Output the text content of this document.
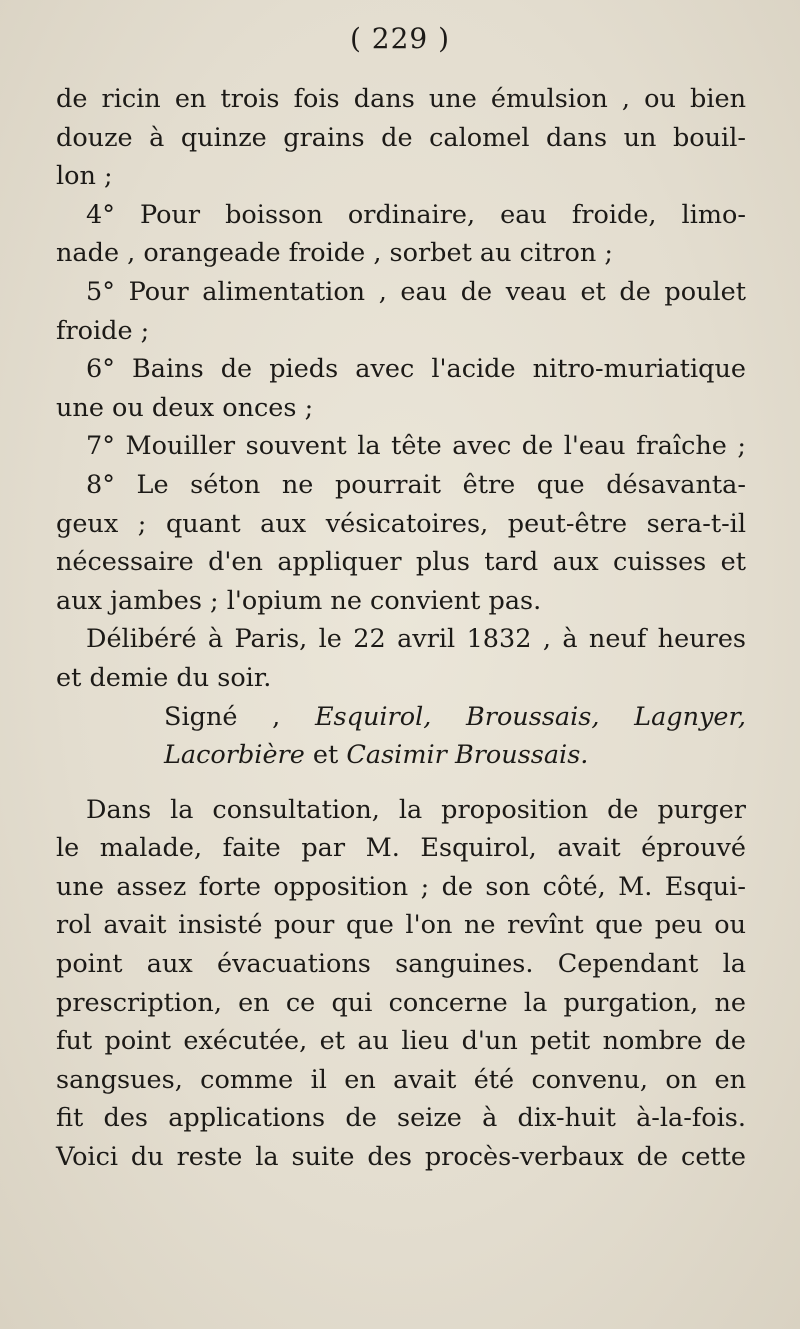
( 229 )
de ricin en trois fois dans une émulsion , ou bien
douze à quinze grains de calomel dans un bouil-
lon ;
4° Pour boisson ordinaire, eau froide, limo-
nade , orangeade froide , sorbet au citron ;
5° Pour alimentation , eau de veau et de poulet
froide ;
6° Bains de pieds avec l'acide nitro-muriatique
une ou deux onces ;
7° Mouiller souvent la tête avec de l'eau fraîche ;
8° Le séton ne pourrait être que désavanta-
geux ; quant aux vésicatoires, peut-être sera-t-il
nécessaire d'en appliquer plus tard aux cuisses et
aux jambes ; l'opium ne convient pas.
Délibéré à Paris, le 22 avril 1832 , à neuf heures
et demie du soir.
Signé , Esquirol, Broussais, Lagnyer,
Lacorbière et Casimir Broussais.
Dans la consultation, la proposition de purger
le malade, faite par M. Esquirol, avait éprouvé
une assez forte opposition ; de son côté, M. Esqui-
rol avait insisté pour que l'on ne revînt que peu ou
point aux évacuations sanguines. Cependant la
prescription, en ce qui concerne la purgation, ne
fut point exécutée, et au lieu d'un petit nombre de
sangsues, comme il en avait été convenu, on en
fit des applications de seize à dix-huit à-la-fois.
Voici du reste la suite des procès-verbaux de cette
